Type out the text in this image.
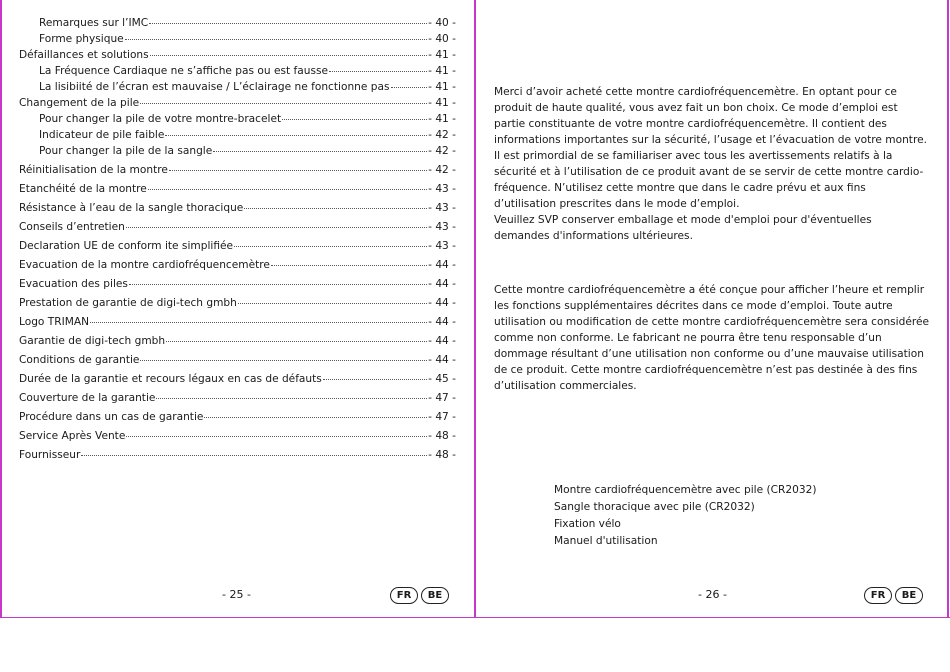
Remarques sur l’IMC	- 40 -
Forme physique	- 40 -
Défaillances et solutions	- 41 -
La Fréquence Cardiaque ne s’affiche pas ou est fausse	- 41 -
La lisibiité de l’écran est mauvaise / L’éclairage ne fonctionne pas	- 41 -
Changement de la pile	- 41 -
Pour changer la pile de votre montre-bracelet	- 41 -
Indicateur de pile faible	- 42 -
Pour changer la pile de la sangle	- 42 -
Réinitialisation de la montre	- 42 -
Etanchéité de la montre	- 43 -
Résistance à l’eau de la sangle thoracique	- 43 -
Conseils d’entretien	- 43 -
Declaration UE de conform ite simplifiée	- 43 -
Evacuation de la montre cardiofréquencemètre	- 44 -
Evacuation des piles	- 44 -
Prestation de garantie de digi-tech gmbh	- 44 -
Logo TRIMAN	- 44 -
Garantie de digi-tech gmbh	- 44 -
Conditions de garantie	- 44 -
Durée de la garantie et recours légaux en cas de défauts	- 45 -
Couverture de la garantie	- 47 -
Procédure dans un cas de garantie	- 47 -
Service Après Vente	- 48 -
Fournisseur	- 48 -
- 25 -	FR	BE
Merci d’avoir acheté cette montre cardiofréquencemètre. En optant pour ce produit de haute qualité, vous avez fait un bon choix. Ce mode d’emploi est partie constituante de votre montre cardiofréquencemètre. Il contient des informations importantes sur la sécurité, l’usage et l’évacuation de votre montre. Il est primordial de se familiariser avec tous les avertissements relatifs à la sécurité et à l’utilisation de ce produit avant de se servir de cette montre cardio-fréquence. N’utilisez cette montre que dans le cadre prévu et aux fins d’utilisation prescrites dans le mode d’emploi.
Veuillez SVP conserver emballage et mode d'emploi pour d'éventuelles demandes d'informations ultérieures.
Cette montre cardiofréquencemètre a été conçue pour afficher l’heure et remplir les fonctions supplémentaires décrites dans ce mode d’emploi. Toute autre utilisation ou modification de cette montre cardiofréquencemètre sera considérée comme non conforme. Le fabricant ne pourra être tenu responsable d’un dommage résultant d’une utilisation non conforme ou d’une mauvaise utilisation de ce produit. Cette montre cardiofréquencemètre n’est pas destinée à des fins d’utilisation commerciales.
Montre cardiofréquencemètre avec pile (CR2032)
Sangle thoracique avec pile (CR2032)
Fixation vélo
Manuel d'utilisation
- 26 -	FR	BE
